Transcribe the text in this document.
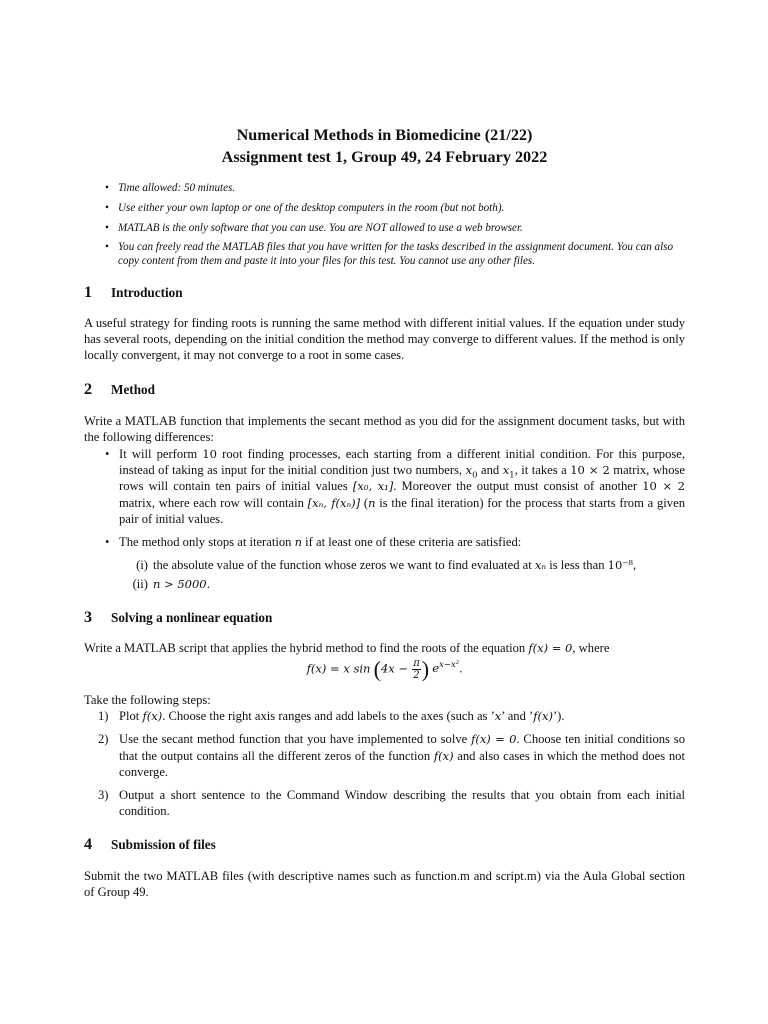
Numerical Methods in Biomedicine (21/22)
Assignment test 1, Group 49, 24 February 2022
• Time allowed: 50 minutes.
• Use either your own laptop or one of the desktop computers in the room (but not both).
• MATLAB is the only software that you can use. You are NOT allowed to use a web browser.
• You can freely read the MATLAB files that you have written for the tasks described in the assignment document. You can also copy content from them and paste it into your files for this test. You cannot use any other files.
1	Introduction

A useful strategy for finding roots is running the same method with different initial values. If the equation under study has several roots, depending on the initial condition the method may converge to different values. If the method is only locally convergent, it may not converge to a root in some cases.

2	Method

Write a MATLAB function that implements the secant method as you did for the assignment document tasks, but with the following differences:

• It will perform 10 root finding processes, each starting from a different initial condition. For this purpose, instead of taking as input for the initial condition just two numbers, $x_0$ and $x_1$, it takes a 10 × 2 matrix, whose rows will contain ten pairs of initial values [x₀, x₁]. Moreover the output must consist of another 10 × 2 matrix, where each row will contain [xₙ, f(xₙ)] (n is the final iteration) for the process that starts from a given pair of initial values.
• The method only stops at iteration n if at least one of these criteria are satisfied:
(i) the absolute value of the function whose zeros we want to find evaluated at xₙ is less than 10⁻⁸,
(ii) n > 5000.
3	Solving a nonlinear equation

Write a MATLAB script that applies the hybrid method to find the roots of the equation f(x) = 0, where

f(x) = x $\sin (4x - \frac{\pi}{2}$ ) $e^{x-x^2}$.

Take the following steps:

1) Plot f(x). Choose the right axis ranges and add labels to the axes (such as ’x’ and ’f(x)’).
2) Use the secant method function that you have implemented to solve f(x) = 0. Choose ten initial conditions so that the output contains all the different zeros of the function f(x) and also cases in which the method does not converge.
3) Output a short sentence to the Command Window describing the results that you obtain from each initial condition.
4	Submission of files

Submit the two MATLAB files (with descriptive names such as function.m and script.m) via the Aula Global section of Group 49.
